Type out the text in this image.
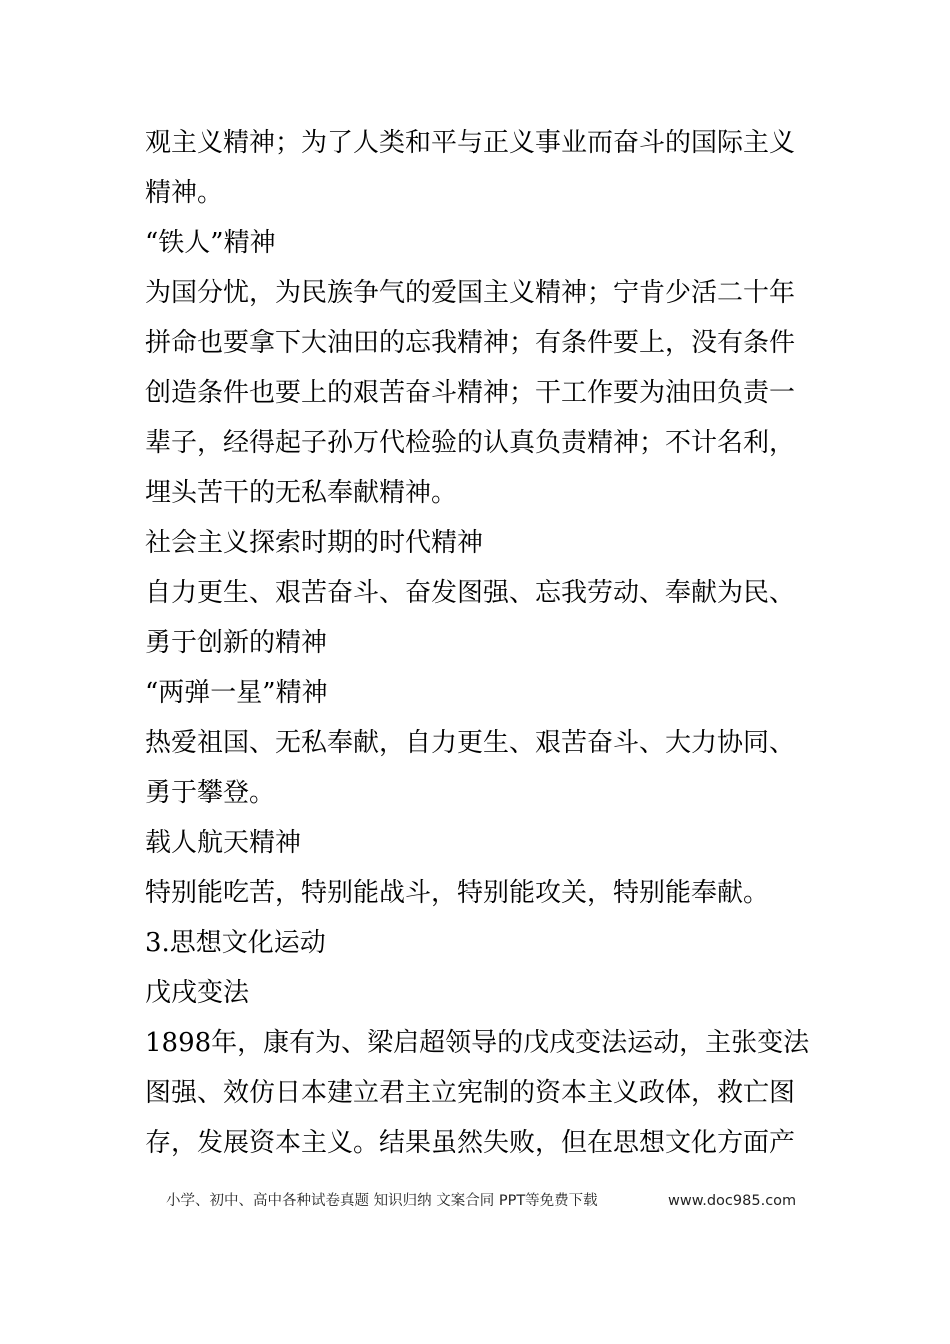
观主义精神；为了人类和平与正义事业而奋斗的国际主义
精神。
“铁人”精神
为国分忧，为民族争气的爱国主义精神；宁肯少活二十年
拼命也要拿下大油田的忘我精神；有条件要上，没有条件
创造条件也要上的艰苦奋斗精神；干工作要为油田负责一
辈子，经得起子孙万代检验的认真负责精神；不计名利，
埋头苦干的无私奉献精神。
社会主义探索时期的时代精神
自力更生、艰苦奋斗、奋发图强、忘我劳动、奉献为民、
勇于创新的精神
“两弹一星”精神
热爱祖国、无私奉献，自力更生、艰苦奋斗、大力协同、
勇于攀登。
载人航天精神
特别能吃苦，特别能战斗，特别能攻关，特别能奉献。
3.思想文化运动
戊戌变法
1898年，康有为、梁启超领导的戊戌变法运动，主张变法
图强、效仿日本建立君主立宪制的资本主义政体，救亡图
存，发展资本主义。结果虽然失败，但在思想文化方面产
小学、初中、高中各种试卷真题 知识归纳 文案合同 PPT等免费下载	www.doc985.com
